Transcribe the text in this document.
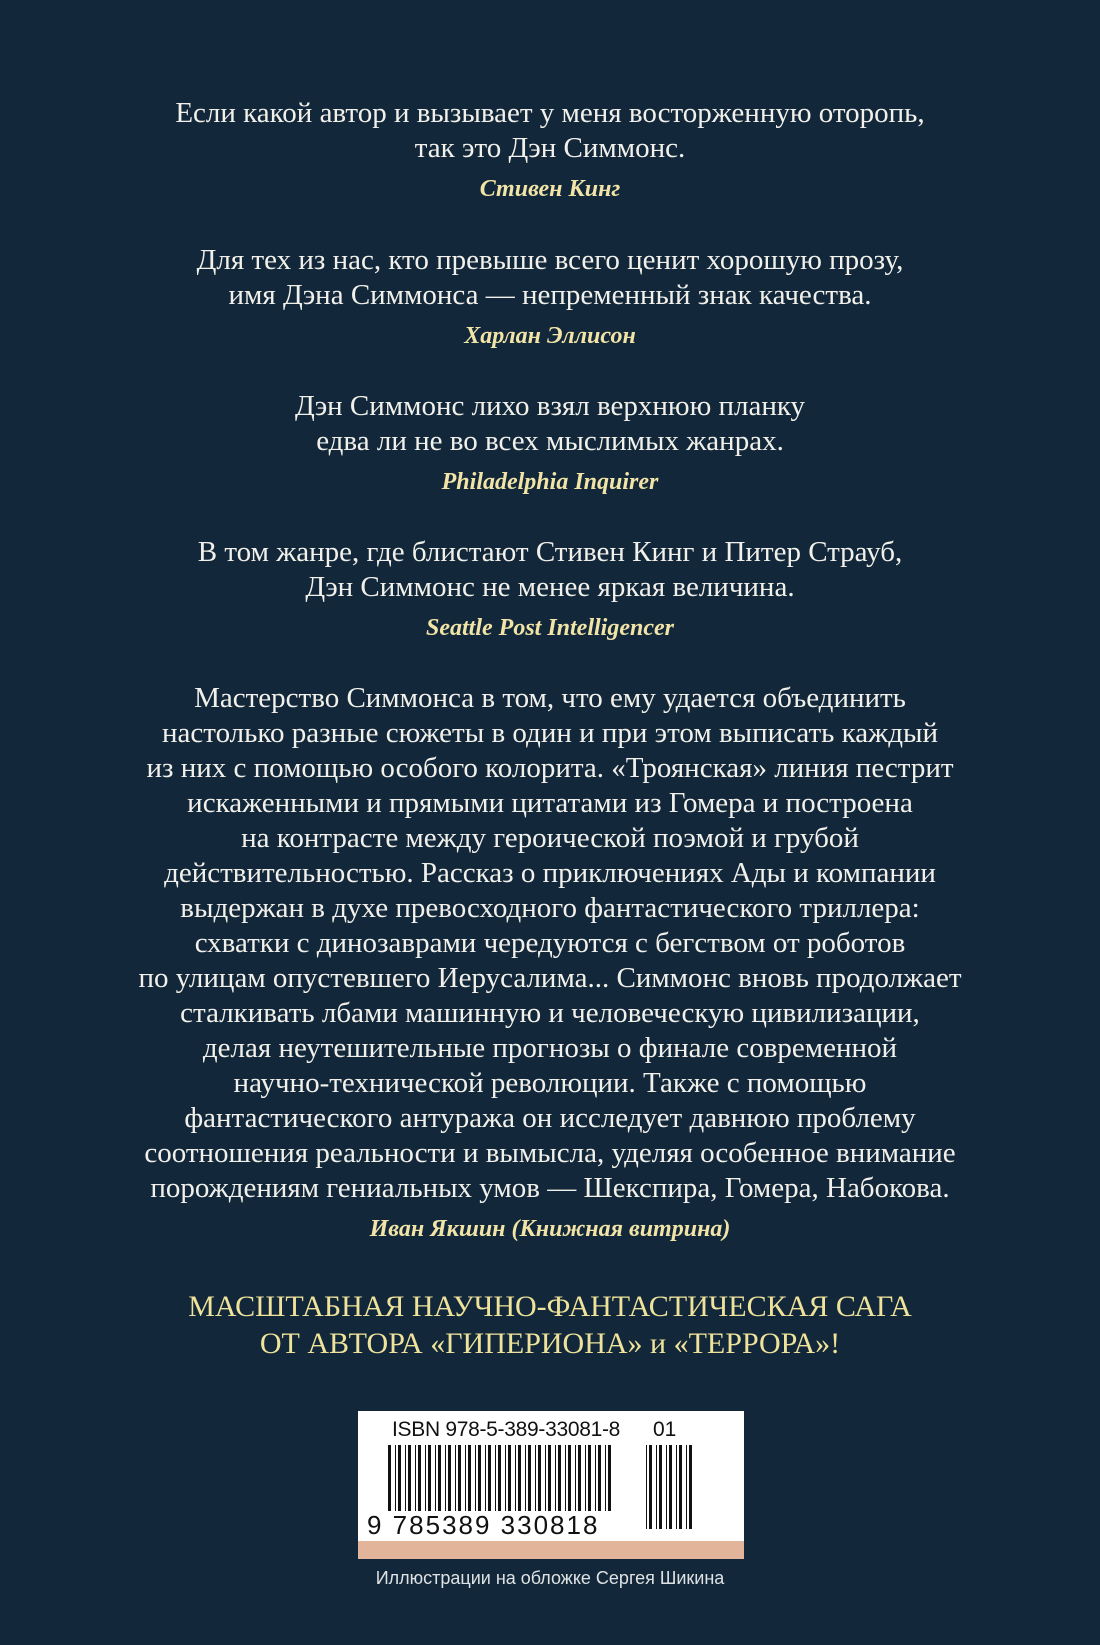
Если какой автор и вызывает у меня восторженную оторопь,
так это Дэн Симмонс.

Стивен Кинг

Для тех из нас, кто превыше всего ценит хорошую прозу,
имя Дэна Симмонса — непременный знак качества.

Харлан Эллисон

Дэн Симмонс лихо взял верхнюю планку
едва ли не во всех мыслимых жанрах.

Philadelphia Inquirer

В том жанре, где блистают Стивен Кинг и Питер Страуб,
Дэн Симмонс не менее яркая величина.

Seattle Post Intelligencer

Мастерство Симмонса в том, что ему удается объединить
настолько разные сюжеты в один и при этом выписать каждый
из них с помощью особого колорита. «Троянская» линия пестрит
искаженными и прямыми цитатами из Гомера и построена
на контрасте между героической поэмой и грубой
действительностью. Рассказ о приключениях Ады и компании
выдержан в духе превосходного фантастического триллера:
схватки с динозаврами чередуются с бегством от роботов
по улицам опустевшего Иерусалима... Симмонс вновь продолжает
сталкивать лбами машинную и человеческую цивилизации,
делая неутешительные прогнозы о финале современной
научно-технической революции. Также с помощью
фантастического антуража он исследует давнюю проблему
соотношения реальности и вымысла, уделяя особенное внимание
порождениям гениальных умов — Шекспира, Гомера, Набокова.

Иван Якшин (Книжная витрина)
МАСШТАБНАЯ НАУЧНО-ФАНТАСТИЧЕСКАЯ САГА
ОТ АВТОРА «ГИПЕРИОНА» и «ТЕРРОРА»!
ISBN 978-5-389-33081-8 01
9 785389 330818
Иллюстрации на обложке Сергея Шикина
